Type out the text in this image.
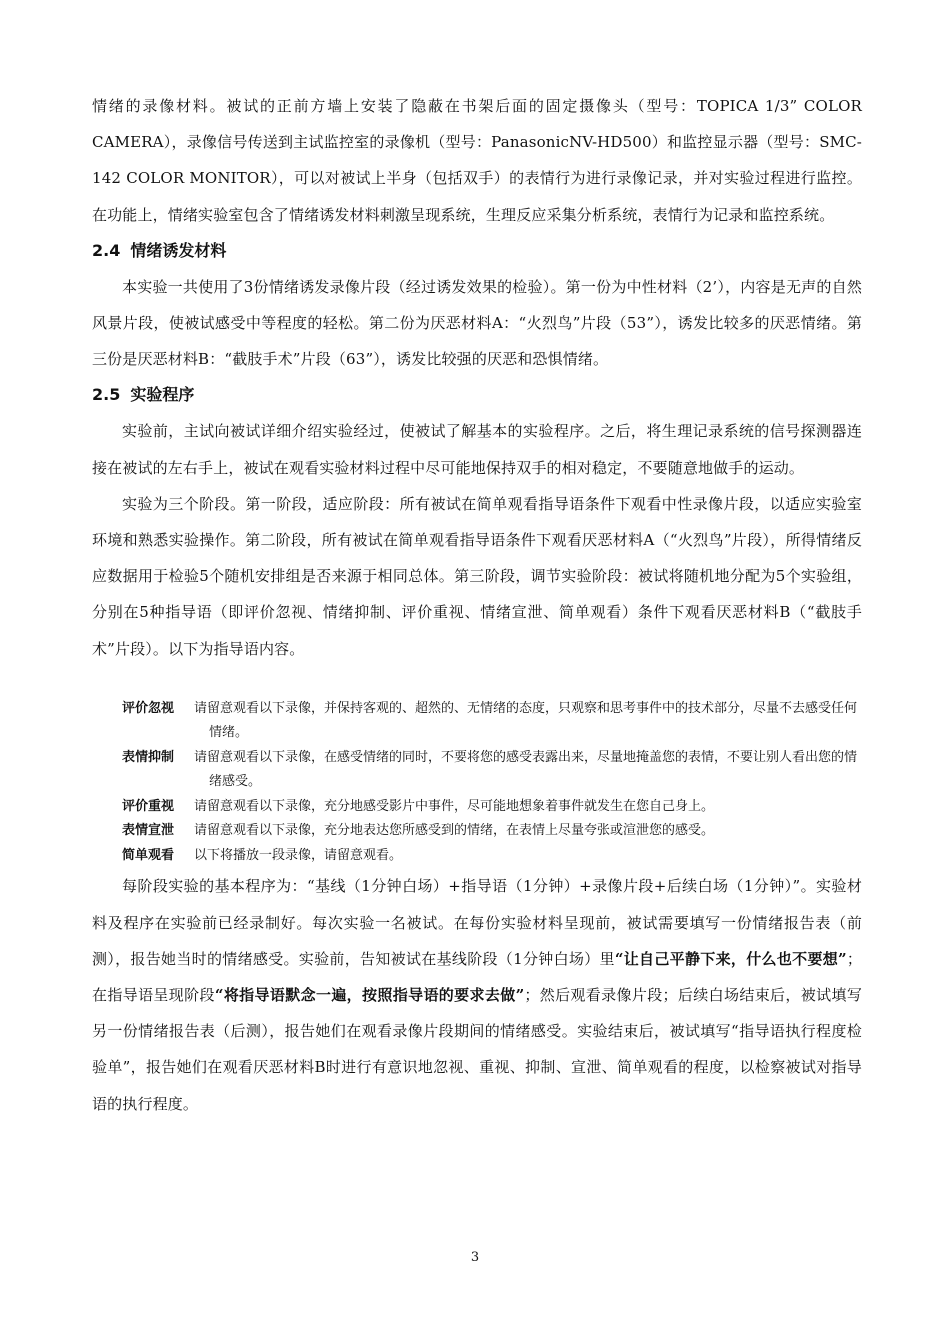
情绪的录像材料。被试的正前方墙上安装了隐蔽在书架后面的固定摄像头（型号：TOPICA 1/3” COLOR CAMERA），录像信号传送到主试监控室的录像机（型号：PanasonicNV-HD500）和监控显示器（型号：SMC-142 COLOR MONITOR），可以对被试上半身（包括双手）的表情行为进行录像记录，并对实验过程进行监控。在功能上，情绪实验室包含了情绪诱发材料刺激呈现系统，生理反应采集分析系统，表情行为记录和监控系统。

2.4 情绪诱发材料

本实验一共使用了3份情绪诱发录像片段（经过诱发效果的检验）。第一份为中性材料（2’），内容是无声的自然风景片段，使被试感受中等程度的轻松。第二份为厌恶材料A：“火烈鸟”片段（53”），诱发比较多的厌恶情绪。第三份是厌恶材料B：“截肢手术”片段（63”），诱发比较强的厌恶和恐惧情绪。

2.5 实验程序

实验前，主试向被试详细介绍实验经过，使被试了解基本的实验程序。之后，将生理记录系统的信号探测器连接在被试的左右手上，被试在观看实验材料过程中尽可能地保持双手的相对稳定，不要随意地做手的运动。

实验为三个阶段。第一阶段，适应阶段：所有被试在简单观看指导语条件下观看中性录像片段，以适应实验室环境和熟悉实验操作。第二阶段，所有被试在简单观看指导语条件下观看厌恶材料A（“火烈鸟”片段），所得情绪反应数据用于检验5个随机安排组是否来源于相同总体。第三阶段，调节实验阶段：被试将随机地分配为5个实验组，分别在5种指导语（即评价忽视、情绪抑制、评价重视、情绪宣泄、简单观看）条件下观看厌恶材料B（“截肢手术”片段）。以下为指导语内容。

评价忽视	请留意观看以下录像，并保持客观的、超然的、无情绪的态度，只观察和思考事件中的技术部分，尽量不去感受任何情绪。
表情抑制	请留意观看以下录像，在感受情绪的同时，不要将您的感受表露出来，尽量地掩盖您的表情，不要让别人看出您的情绪感受。
评价重视	请留意观看以下录像，充分地感受影片中事件，尽可能地想象着事件就发生在您自己身上。
表情宣泄	请留意观看以下录像，充分地表达您所感受到的情绪，在表情上尽量夸张或渲泄您的感受。
简单观看	以下将播放一段录像，请留意观看。

每阶段实验的基本程序为：“基线（1分钟白场）+指导语（1分钟）+录像片段+后续白场（1分钟）”。实验材料及程序在实验前已经录制好。每次实验一名被试。在每份实验材料呈现前，被试需要填写一份情绪报告表（前测），报告她当时的情绪感受。实验前，告知被试在基线阶段（1分钟白场）里“让自己平静下来，什么也不要想”；在指导语呈现阶段“将指导语默念一遍，按照指导语的要求去做”；然后观看录像片段；后续白场结束后，被试填写另一份情绪报告表（后测），报告她们在观看录像片段期间的情绪感受。实验结束后，被试填写“指导语执行程度检验单”，报告她们在观看厌恶材料B时进行有意识地忽视、重视、抑制、宣泄、简单观看的程度，以检察被试对指导语的执行程度。

3
